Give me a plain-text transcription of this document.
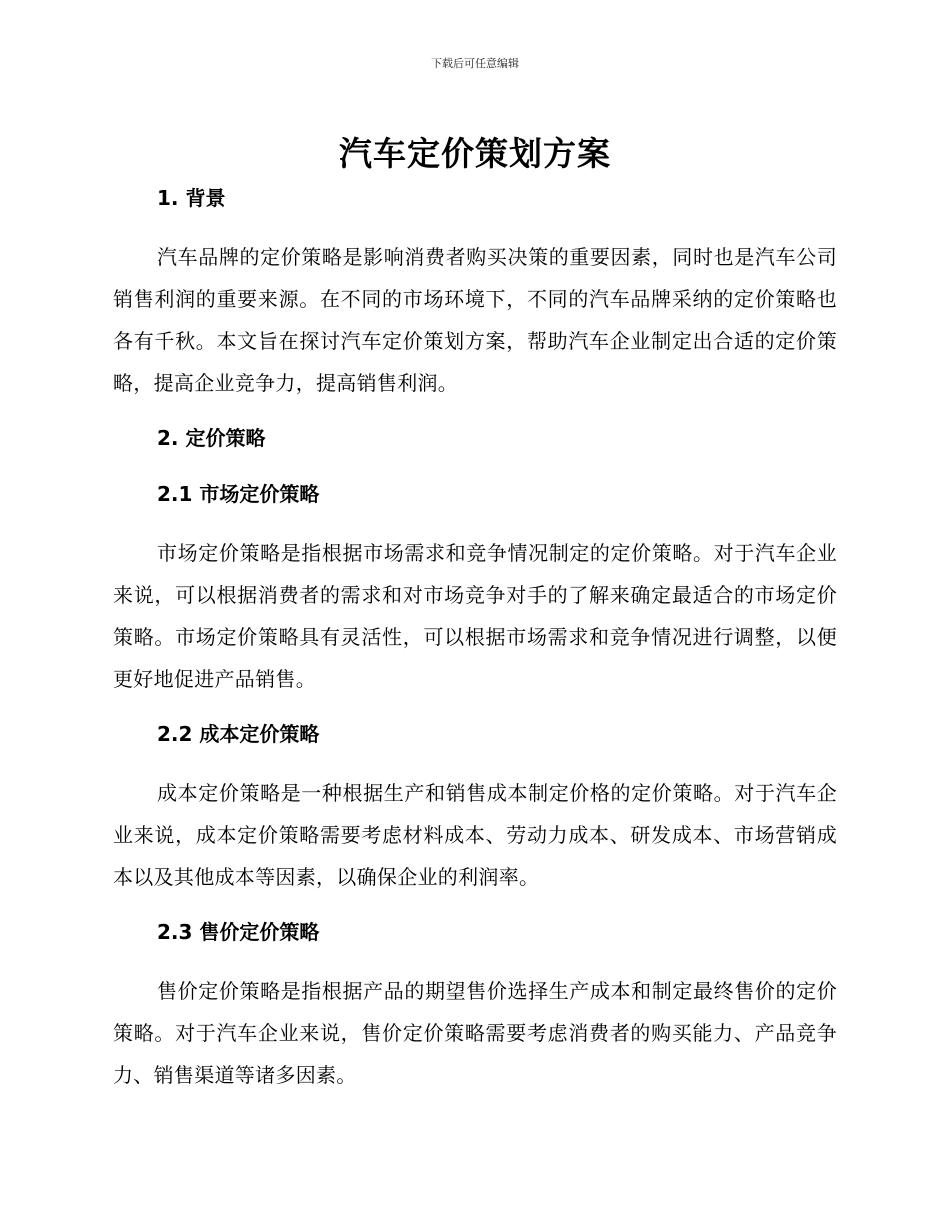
下载后可任意编辑
汽车定价策划方案
1. 背景

汽车品牌的定价策略是影响消费者购买决策的重要因素，同时也是汽车公司销售利润的重要来源。在不同的市场环境下，不同的汽车品牌采纳的定价策略也各有千秋。本文旨在探讨汽车定价策划方案，帮助汽车企业制定出合适的定价策略，提高企业竞争力，提高销售利润。

2. 定价策略
2.1 市场定价策略

市场定价策略是指根据市场需求和竞争情况制定的定价策略。对于汽车企业来说，可以根据消费者的需求和对市场竞争对手的了解来确定最适合的市场定价策略。市场定价策略具有灵活性，可以根据市场需求和竞争情况进行调整，以便更好地促进产品销售。

2.2 成本定价策略

成本定价策略是一种根据生产和销售成本制定价格的定价策略。对于汽车企业来说，成本定价策略需要考虑材料成本、劳动力成本、研发成本、市场营销成本以及其他成本等因素，以确保企业的利润率。

2.3 售价定价策略

售价定价策略是指根据产品的期望售价选择生产成本和制定最终售价的定价策略。对于汽车企业来说，售价定价策略需要考虑消费者的购买能力、产品竞争力、销售渠道等诸多因素。
